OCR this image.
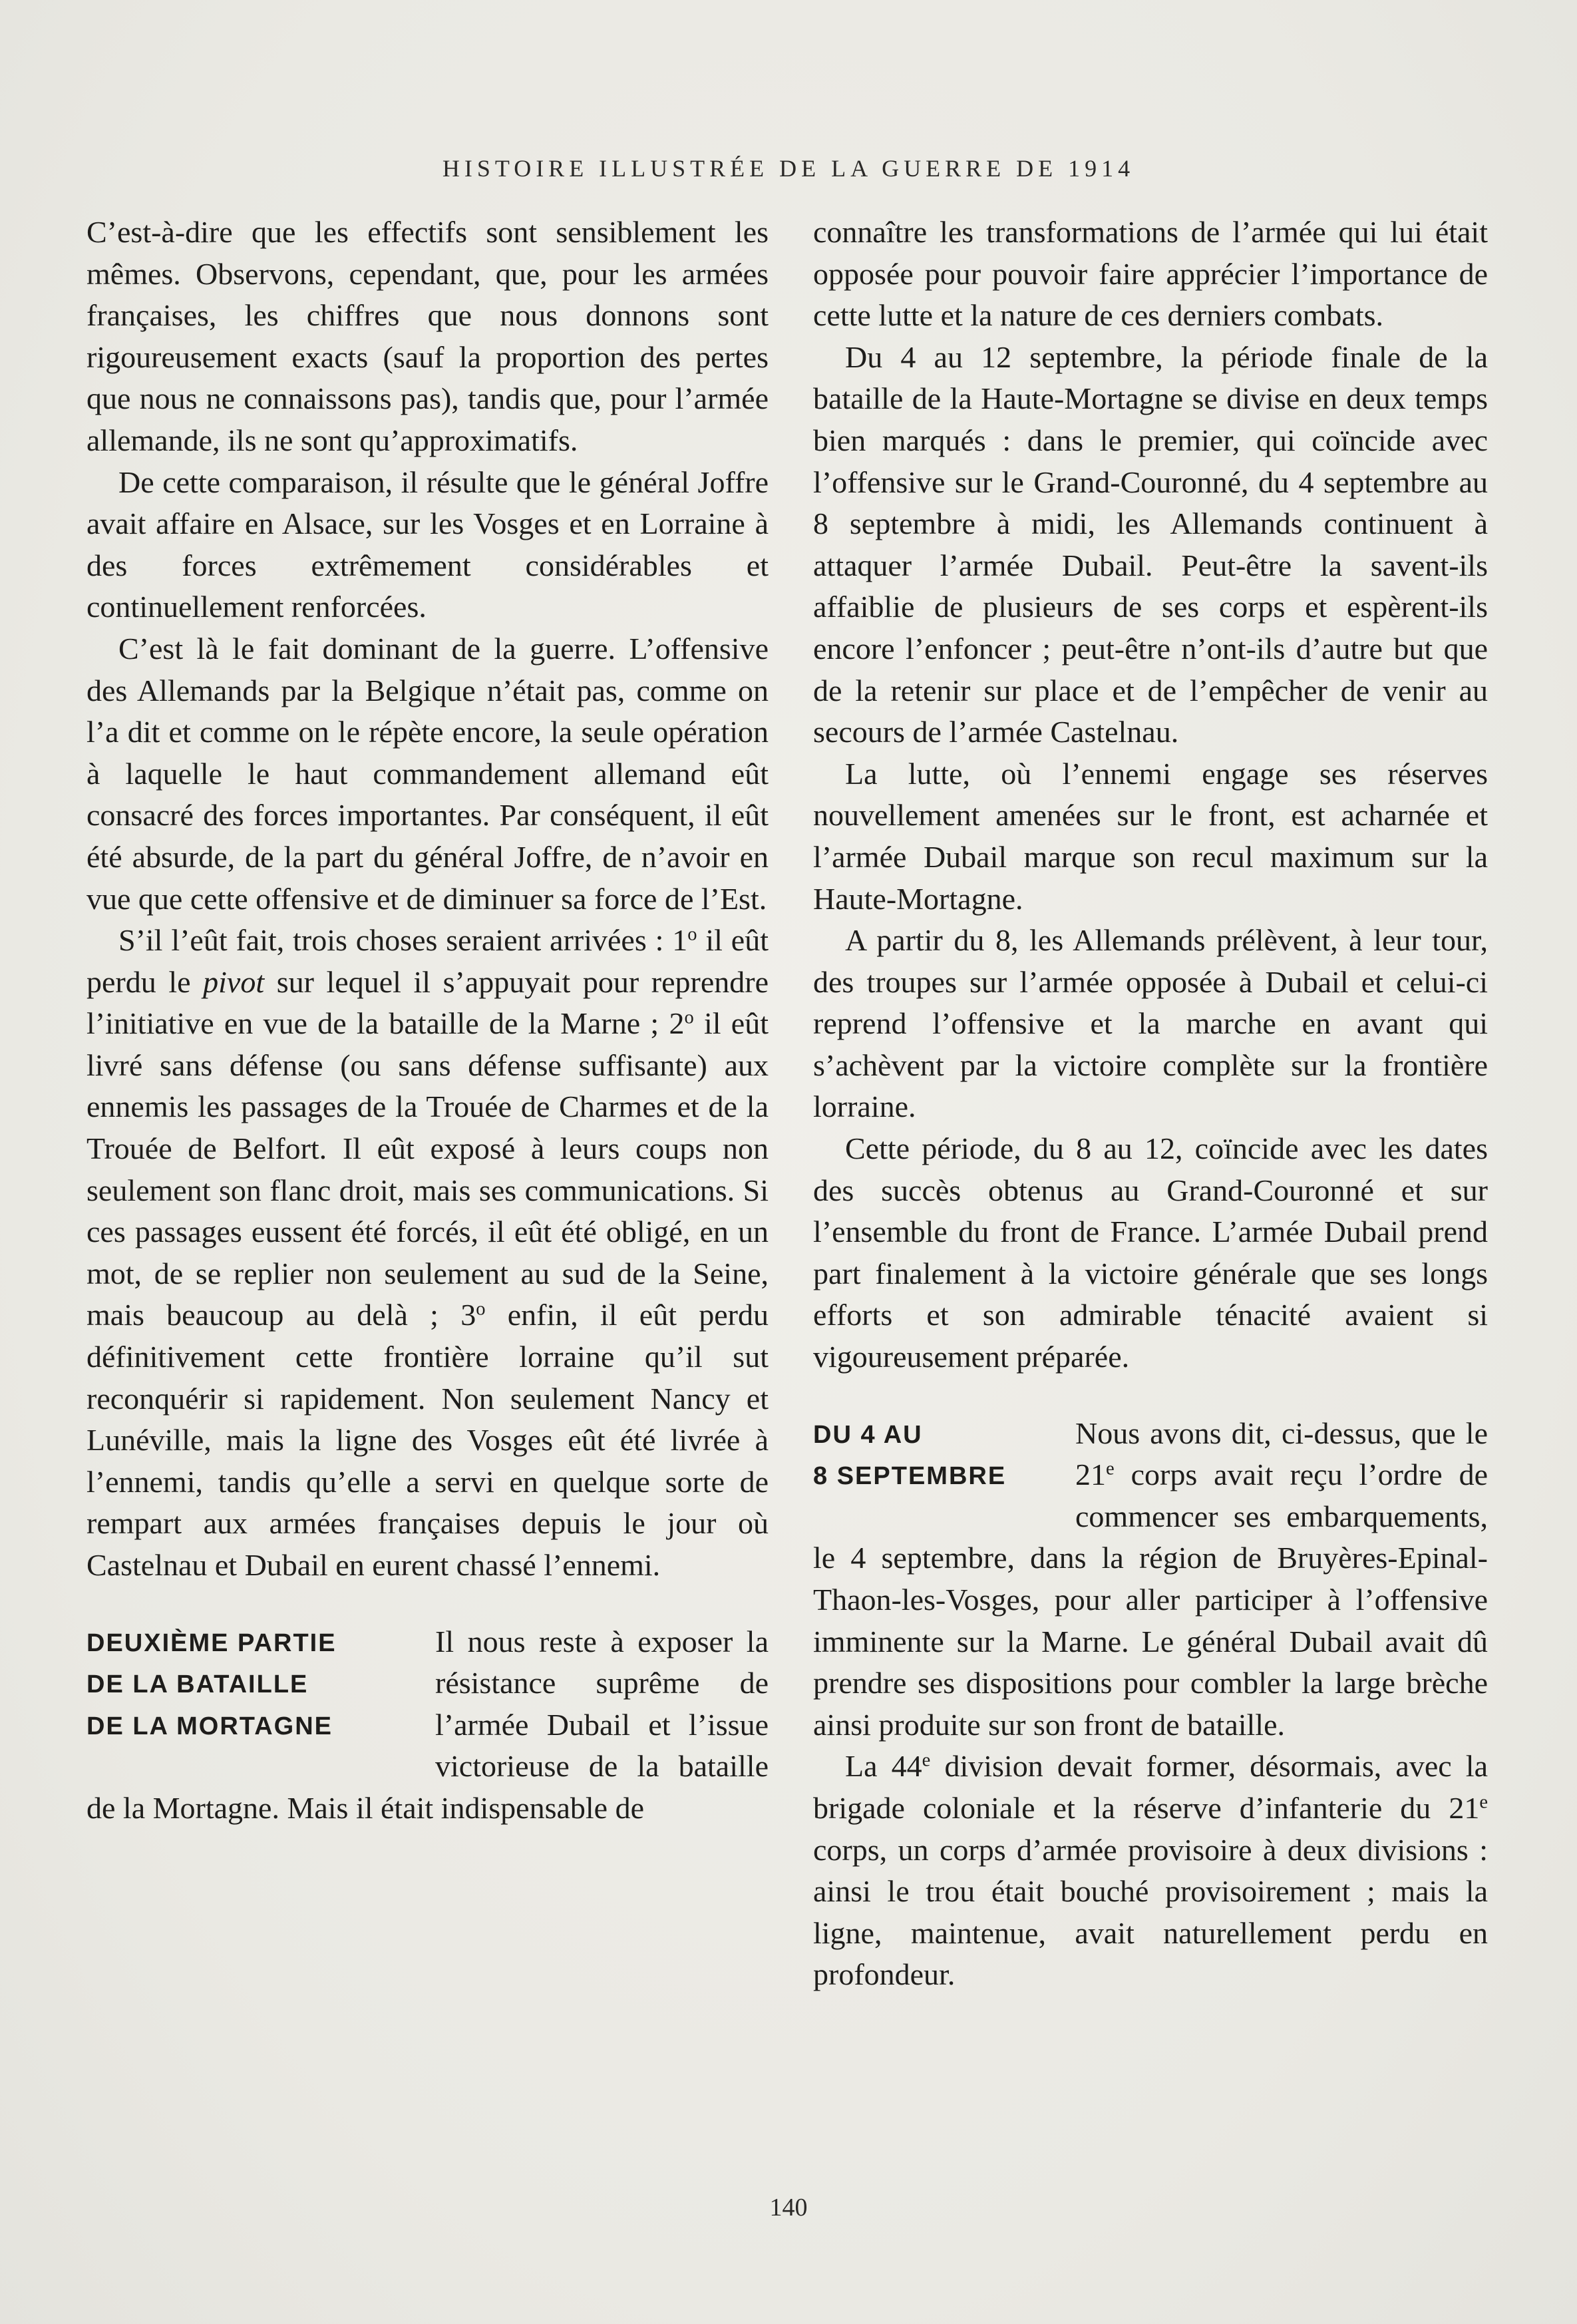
HISTOIRE ILLUSTRÉE DE LA GUERRE DE 1914

C’est-à-dire que les effectifs sont sensiblement les mêmes. Observons, cependant, que, pour les armées françaises, les chiffres que nous donnons sont rigoureusement exacts (sauf la proportion des pertes que nous ne connaissons pas), tandis que, pour l’armée allemande, ils ne sont qu’approximatifs.

De cette comparaison, il résulte que le général Joffre avait affaire en Alsace, sur les Vosges et en Lorraine à des forces extrêmement considérables et continuellement renforcées.

C’est là le fait dominant de la guerre. L’offensive des Allemands par la Belgique n’était pas, comme on l’a dit et comme on le répète encore, la seule opération à laquelle le haut commandement allemand eût consacré des forces importantes. Par conséquent, il eût été absurde, de la part du général Joffre, de n’avoir en vue que cette offensive et de diminuer sa force de l’Est.

S’il l’eût fait, trois choses seraient arrivées : 1$^o$ il eût perdu le pivot sur lequel il s’appuyait pour reprendre l’initiative en vue de la bataille de la Marne ; 2$^o$ il eût livré sans défense (ou sans défense suffisante) aux ennemis les passages de la Trouée de Charmes et de la Trouée de Belfort. Il eût exposé à leurs coups non seulement son flanc droit, mais ses communications. Si ces passages eussent été forcés, il eût été obligé, en un mot, de se replier non seulement au sud de la Seine, mais beaucoup au delà ; 3$^o$ enfin, il eût perdu définitivement cette frontière lorraine qu’il sut reconquérir si rapidement. Non seulement Nancy et Lunéville, mais la ligne des Vosges eût été livrée à l’ennemi, tandis qu’elle a servi en quelque sorte de rempart aux armées françaises depuis le jour où Castelnau et Dubail en eurent chassé l’ennemi.

DEUXIÈME PARTIE
DE LA BATAILLE
DE LA MORTAGNE

Il nous reste à exposer la résistance suprême de l’armée Dubail et l’issue victorieuse de la bataille de la Mortagne. Mais il était indispensable de

connaître les transformations de l’armée qui lui était opposée pour pouvoir faire apprécier l’importance de cette lutte et la nature de ces derniers combats.

Du 4 au 12 septembre, la période finale de la bataille de la Haute-Mortagne se divise en deux temps bien marqués : dans le premier, qui coïncide avec l’offensive sur le Grand-Couronné, du 4 septembre au 8 septembre à midi, les Allemands continuent à attaquer l’armée Dubail. Peut-être la savent-ils affaiblie de plusieurs de ses corps et espèrent-ils encore l’enfoncer ; peut-être n’ont-ils d’autre but que de la retenir sur place et de l’empêcher de venir au secours de l’armée Castelnau.

La lutte, où l’ennemi engage ses réserves nouvellement amenées sur le front, est acharnée et l’armée Dubail marque son recul maximum sur la Haute-Mortagne.

A partir du 8, les Allemands prélèvent, à leur tour, des troupes sur l’armée opposée à Dubail et celui-ci reprend l’offensive et la marche en avant qui s’achèvent par la victoire complète sur la frontière lorraine.

Cette période, du 8 au 12, coïncide avec les dates des succès obtenus au Grand-Couronné et sur l’ensemble du front de France. L’armée Dubail prend part finalement à la victoire générale que ses longs efforts et son admirable ténacité avaient si vigoureusement préparée.

DU 4 AU
8 SEPTEMBRE

Nous avons dit, ci-dessus, que le 21e corps avait reçu l’ordre de commencer ses embarquements, le 4 septembre, dans la région de Bruyères-Epinal-Thaon-les-Vosges, pour aller participer à l’offensive imminente sur la Marne. Le général Dubail avait dû prendre ses dispositions pour combler la large brèche ainsi produite sur son front de bataille.

La 44e division devait former, désormais, avec la brigade coloniale et la réserve d’infanterie du 21e corps, un corps d’armée provisoire à deux divisions : ainsi le trou était bouché provisoirement ; mais la ligne, maintenue, avait naturellement perdu en profondeur.

140
